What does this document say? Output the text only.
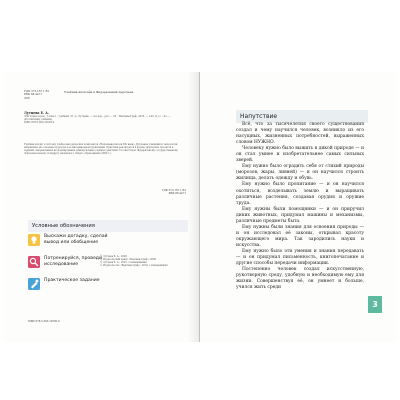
УДК 373.167.1:82
ББК 88.4я71
Л66
Учебник включён в Федеральный перечень
Лутцева Е. А.
Л66 Технология : 3 класс : учебник / Е. А. Лутцева. — 3-е изд., доп. — М. : Вентана-Граф, 2016. — 143, [1] с. : ил. — (Российский учебник).
ISBN 978-5-360-10595-9
Учебник входит в систему учебно-методических комплектов «Начальная школа XXI века». Изучение учащимися технологии направлено на освоение культуры в её материальном проявлении. Практика реализуется в форме творческих проектов и заданий, направленных на формирование универсальных учебных действий. Соответствует Федеральному государственному образовательному стандарту начального общего образования (2009 г.).
УДК 373.167.1:82
ББК 88.4я71
Условные обозначения
Выскажи догадку, сделай вывод или обобщение
Потренируйся, проведи исследование
Практическое задание
© Лутцева Е. А., 2008
© Издательский центр «Вентана-Граф», 2008
© Лутцева Е. А., 2016, с изменениями
© Издательство «Вентана-Граф», 2016, с изменениями
ISBN 978-5-360-10595-9
Напутствие

Всё, что за тысячелетия своего существования создал и чему научился человек, возникло из его насущных, жизненных потребностей, выраженных словом НУЖНО.

Человеку нужно было выжить в дикой природе — и он стал умнее и изобретательнее самых сильных зверей.

Ему нужно было оградить себя от стихий природы (морозов, жары, ливней) — и он научился строить жилища, делать одежду и обувь.

Ему нужно было пропитание — и он научился охотиться, возделывать землю и выращивать различные растения, создавая орудия и оружие труда.

Ему нужны были помощники — и он приручил диких животных, придумал машины и механизмы, различные предметы быта.

Ему нужны были знания для освоения природы — и он исследовал её законы, открывал красоту окружающего мира. Так зародились науки и искусства.

Ему нужно было эти умения и знания передавать — и он придумал письменность, книгопечатание и другие способы передачи информации.

Постепенно человек создал искусственную, рукотворную среду, удобную и необходимую ему для жизни. Совершенствуя её, он умнеет и больше, учился жить среди

3
